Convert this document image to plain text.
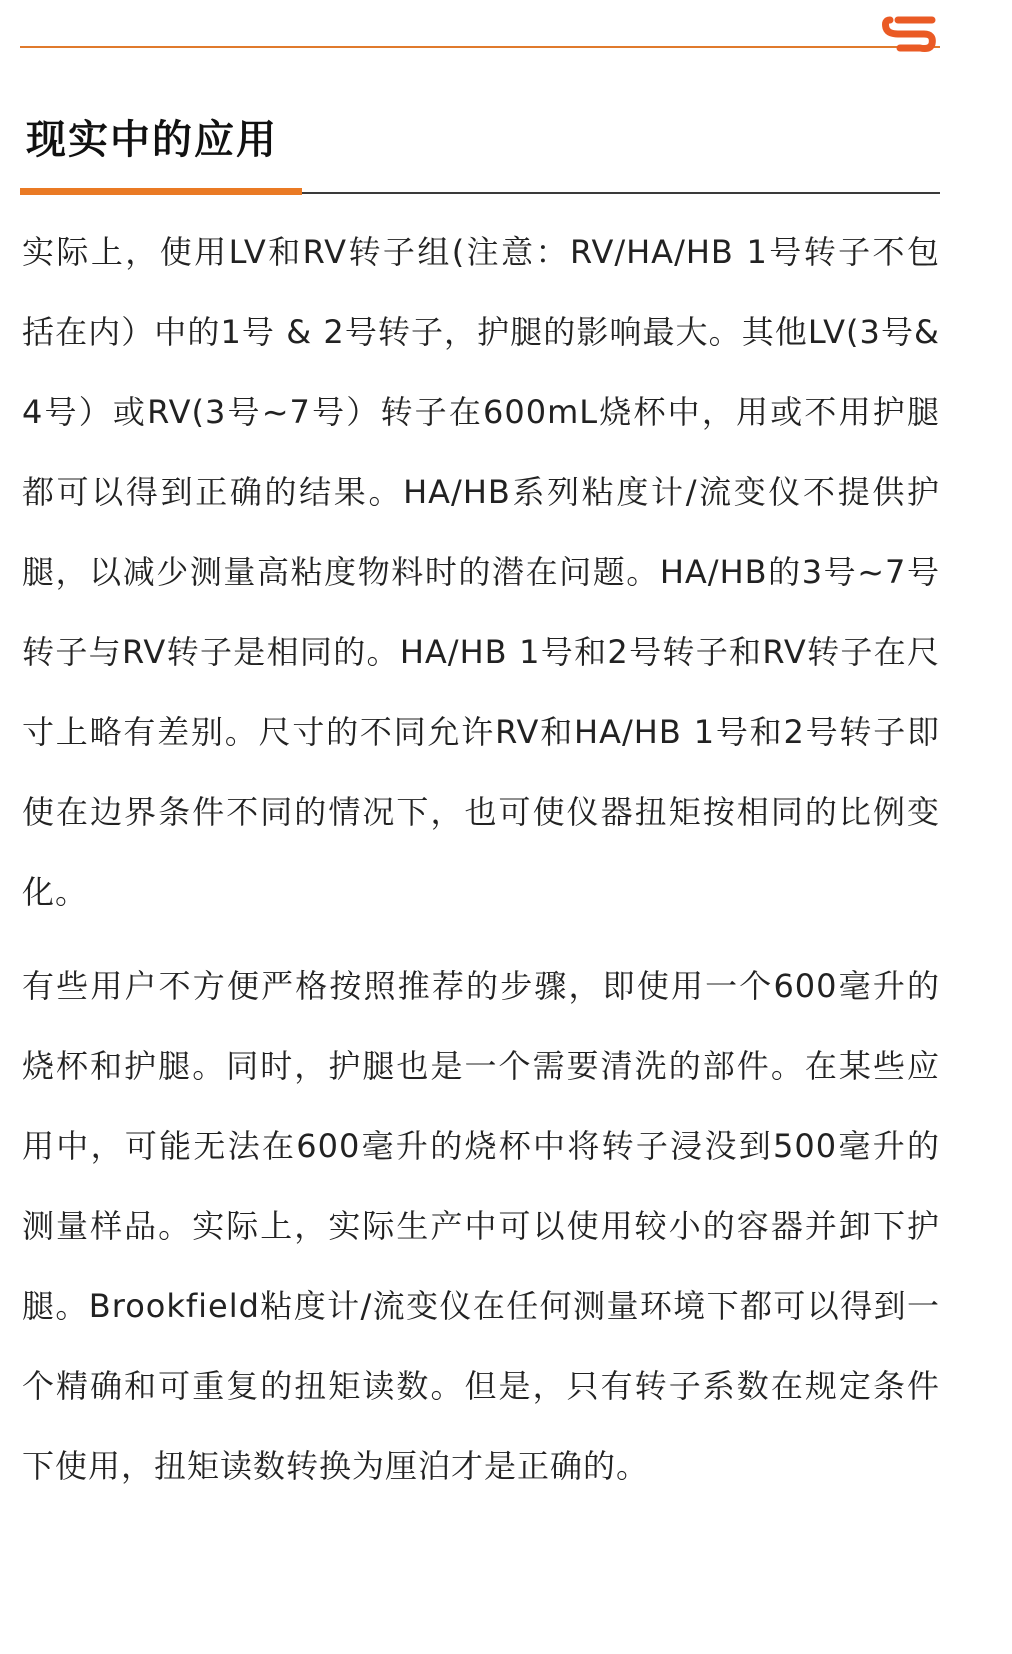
现实中的应用

实际上，使用LV和RV转子组(注意：RV/HA/HB 1号转子不包括在内）中的1号 & 2号转子，护腿的影响最大。其他LV(3号&4号）或RV(3号~7号）转子在600mL烧杯中，用或不用护腿都可以得到正确的结果。HA/HB系列粘度计/流变仪不提供护腿，以减少测量高粘度物料时的潜在问题。HA/HB的3号~7号转子与RV转子是相同的。HA/HB 1号和2号转子和RV转子在尺寸上略有差别。尺寸的不同允许RV和HA/HB 1号和2号转子即使在边界条件不同的情况下，也可使仪器扭矩按相同的比例变化。

有些用户不方便严格按照推荐的步骤，即使用一个600毫升的烧杯和护腿。同时，护腿也是一个需要清洗的部件。在某些应用中，可能无法在600毫升的烧杯中将转子浸没到500毫升的测量样品。实际上，实际生产中可以使用较小的容器并卸下护腿。Brookfield粘度计/流变仪在任何测量环境下都可以得到一个精确和可重复的扭矩读数。但是，只有转子系数在规定条件下使用，扭矩读数转换为厘泊才是正确的。
